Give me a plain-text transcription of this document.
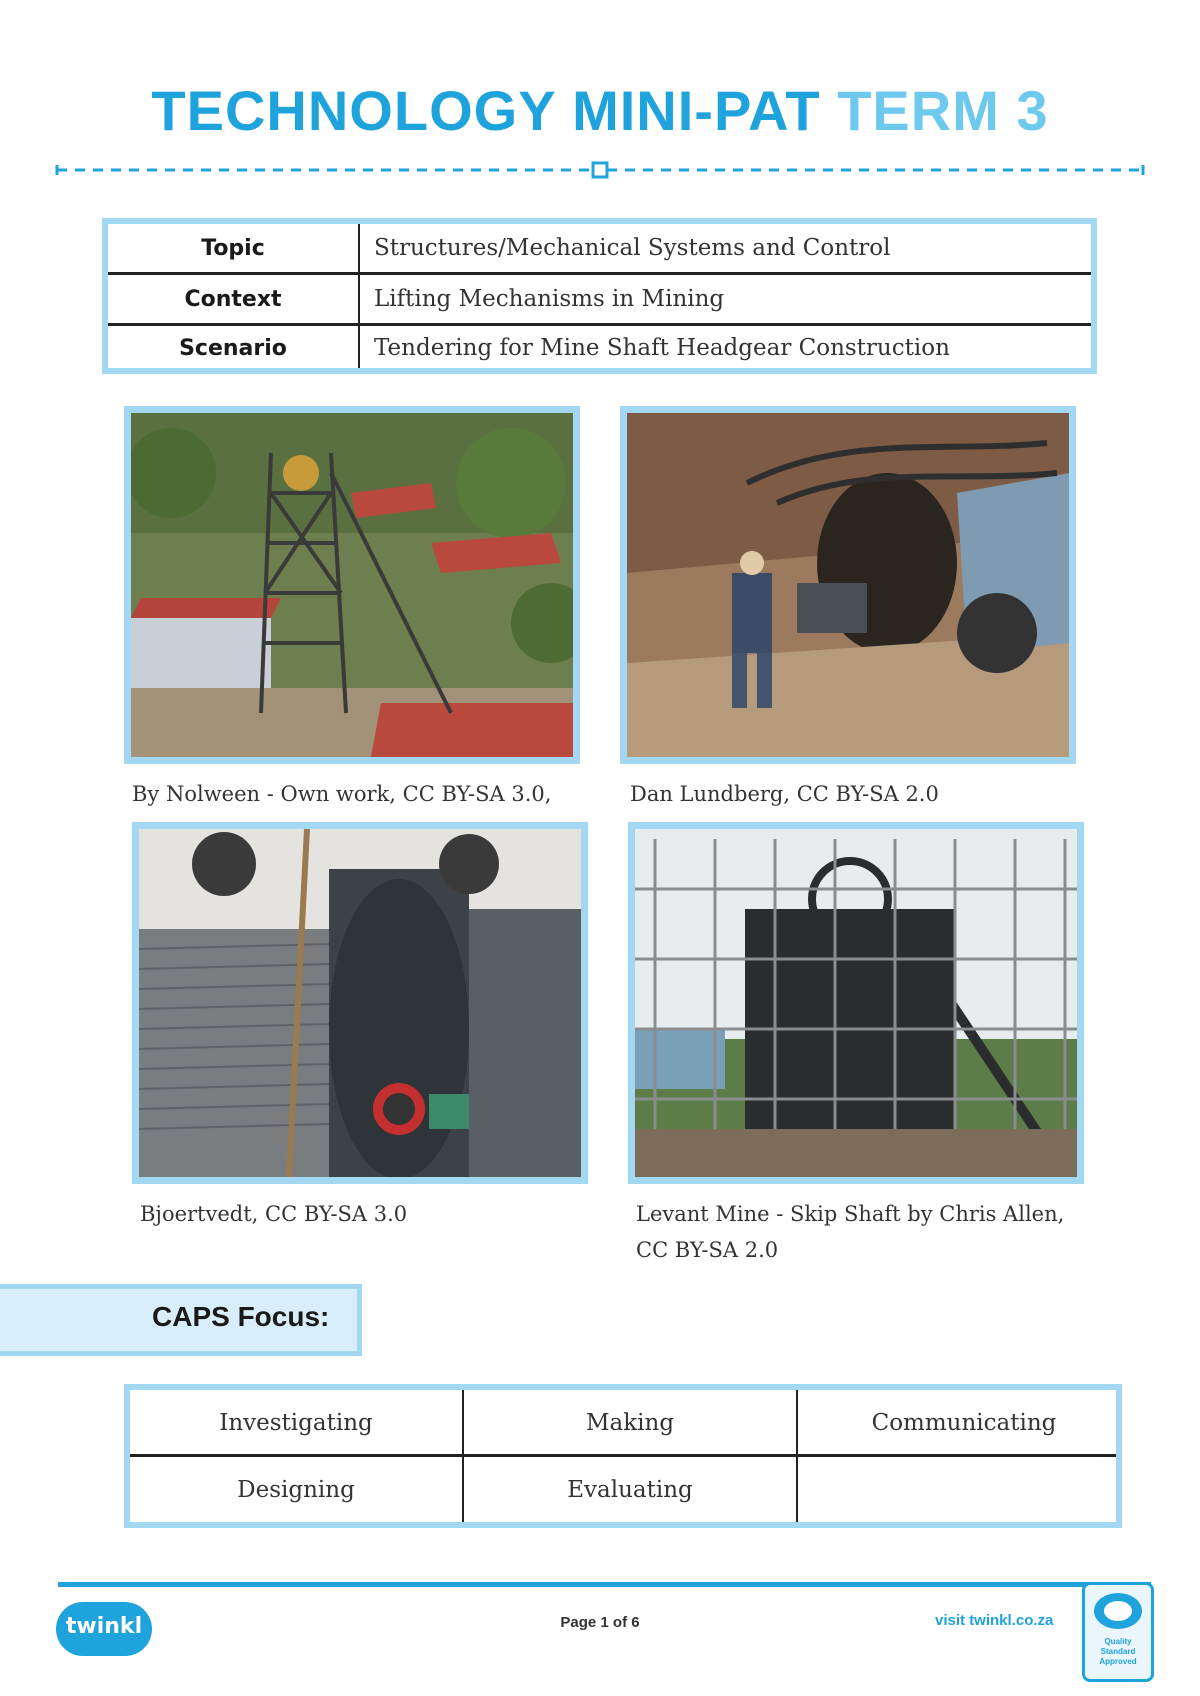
TECHNOLOGY MINI-PAT TERM 3
Topic	Structures/Mechanical Systems and Control
Context	Lifting Mechanisms in Mining
Scenario	Tendering for Mine Shaft Headgear Construction
By Nolween - Own work, CC BY-SA 3.0,	Dan Lundberg, CC BY-SA 2.0
Bjoertvedt, CC BY-SA 3.0	Levant Mine - Skip Shaft by Chris Allen,
CC BY-SA 2.0
CAPS Focus:
Investigating	Making	Communicating
Designing	Evaluating
twinkl	Page 1 of 6	visit twinkl.co.za
Quality Standard Approved
